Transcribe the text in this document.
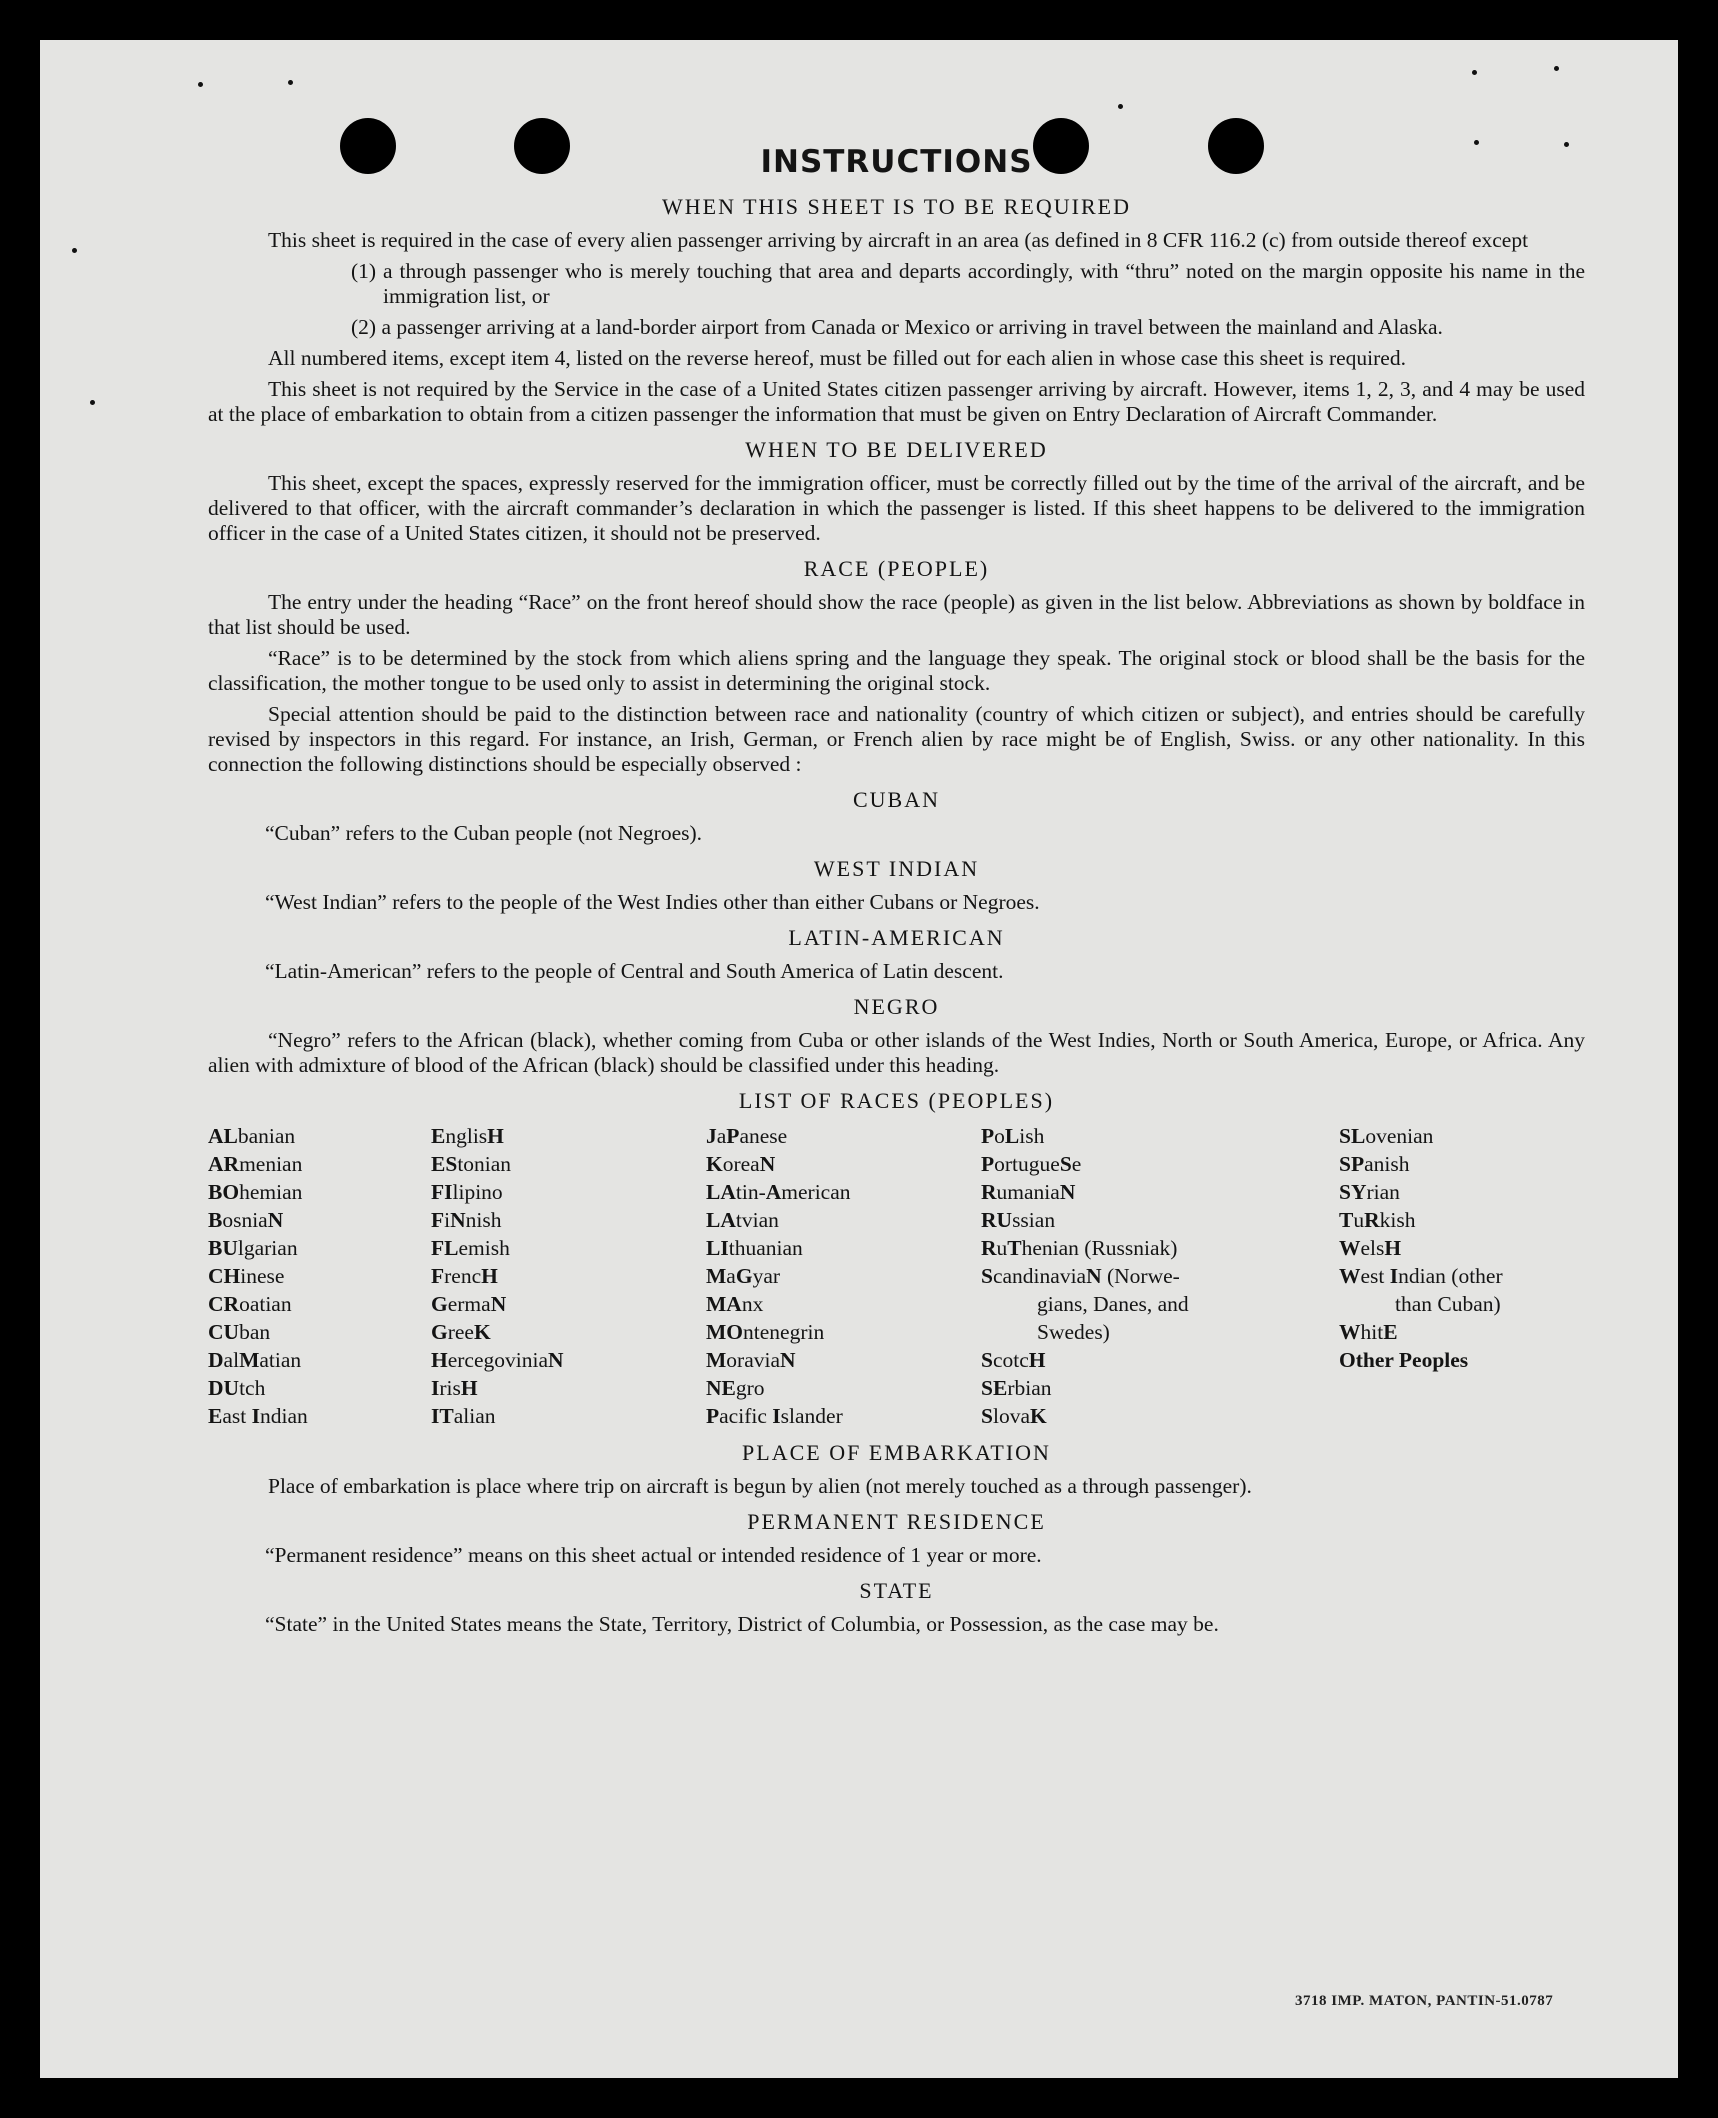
INSTRUCTIONS
WHEN THIS SHEET IS TO BE REQUIRED

This sheet is required in the case of every alien passenger arriving by aircraft in an area (as defined in 8 CFR 116.2 (c) from outside thereof except

(1) a through passenger who is merely touching that area and departs accordingly, with “thru” noted on the margin opposite his name in the immigration list, or

(2) a passenger arriving at a land-border airport from Canada or Mexico or arriving in travel between the mainland and Alaska.

All numbered items, except item 4, listed on the reverse hereof, must be filled out for each alien in whose case this sheet is required.

This sheet is not required by the Service in the case of a United States citizen passenger arriving by aircraft. However, items 1, 2, 3, and 4 may be used at the place of embarkation to obtain from a citizen passenger the information that must be given on Entry Declaration of Aircraft Commander.

WHEN TO BE DELIVERED

This sheet, except the spaces, expressly reserved for the immigration officer, must be correctly filled out by the time of the arrival of the aircraft, and be delivered to that officer, with the aircraft commander’s declaration in which the passenger is listed. If this sheet happens to be delivered to the immigration officer in the case of a United States citizen, it should not be preserved.

RACE (PEOPLE)

The entry under the heading “Race” on the front hereof should show the race (people) as given in the list below. Abbreviations as shown by boldface in that list should be used.

“Race” is to be determined by the stock from which aliens spring and the language they speak. The original stock or blood shall be the basis for the classification, the mother tongue to be used only to assist in determining the original stock.

Special attention should be paid to the distinction between race and nationality (country of which citizen or subject), and entries should be carefully revised by inspectors in this regard. For instance, an Irish, German, or French alien by race might be of English, Swiss. or any other nationality. In this connection the following distinctions should be especially observed :

CUBAN

“Cuban” refers to the Cuban people (not Negroes).

WEST INDIAN

“West Indian” refers to the people of the West Indies other than either Cubans or Negroes.

LATIN-AMERICAN

“Latin-American” refers to the people of Central and South America of Latin descent.

NEGRO

“Negro” refers to the African (black), whether coming from Cuba or other islands of the West Indies, North or South America, Europe, or Africa. Any alien with admixture of blood of the African (black) should be classified under this heading.

LIST OF RACES (PEOPLES)
ALbanian
ARmenian
BOhemian
BosniaN
BUlgarian
CHinese
CRoatian
CUban
DalMatian
DUtch
East Indian
EnglisH
EStonian
FIlipino
FiNnish
FLemish
FrencH
GermaN
GreeK
HercegoviniaN
IrisH
ITalian
JaPanese
KoreaN
LAtin-American
LAtvian
LIthuanian
MaGyar
MAnx
MOntenegrin
MoraviaN
NEgro
Pacific Islander
PoLish
PortugueSe
RumaniaN
RUssian
RuThenian (Russniak)
ScandinaviaN (Norwe-
gians, Danes, and
Swedes)
ScotcH
SErbian
SlovaK
SLovenian
SPanish
SYrian
TuRkish
WelsH
West Indian (other
than Cuban)
WhitE
Other Peoples
PLACE OF EMBARKATION

Place of embarkation is place where trip on aircraft is begun by alien (not merely touched as a through passenger).

PERMANENT RESIDENCE

“Permanent residence” means on this sheet actual or intended residence of 1 year or more.

STATE

“State” in the United States means the State, Territory, District of Columbia, or Possession, as the case may be.

3718 IMP. MATON, PANTIN-51.0787
